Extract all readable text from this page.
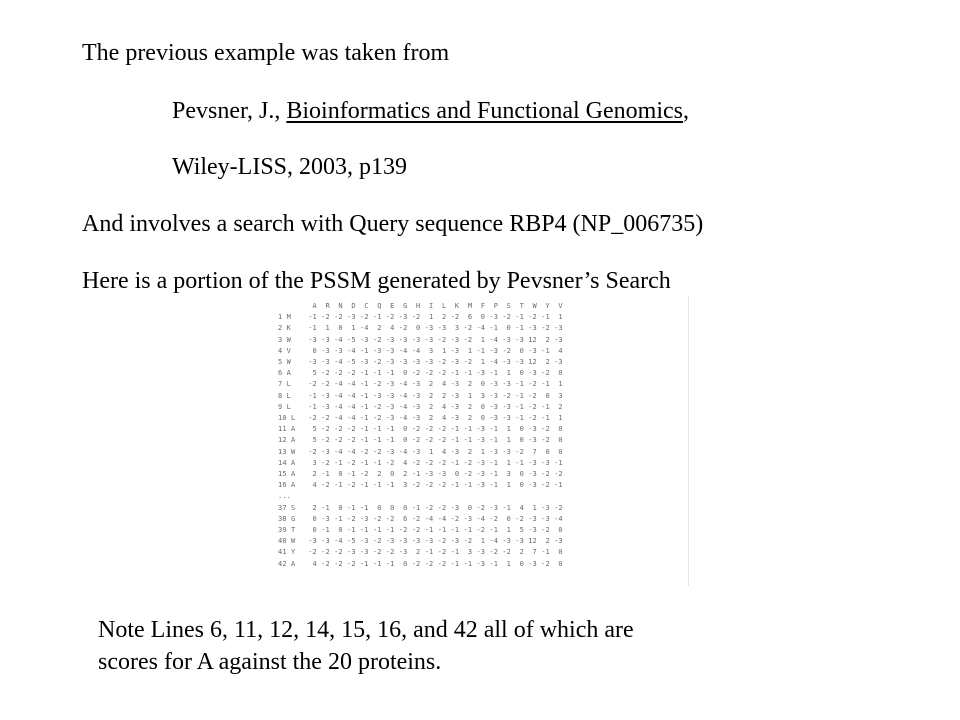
The previous example was taken from
Pevsner, J., Bioinformatics and Functional Genomics,
Wiley-LISS, 2003, p139
And involves a search with Query sequence RBP4 (NP_006735)
Here is a portion of the PSSM generated by Pevsner’s Search
A  R  N  D  C  Q  E  G  H  I  L  K  M  F  P  S  T  W  Y  V
1 M    -1 -2 -2 -3 -2 -1 -2 -3 -2  1  2 -2  6  0 -3 -2 -1 -2 -1  1
2 K    -1  1  0  1 -4  2  4 -2  0 -3 -3  3 -2 -4 -1  0 -1 -3 -2 -3
3 W    -3 -3 -4 -5 -3 -2 -3 -3 -3 -3 -2 -3 -2  1 -4 -3 -3 12  2 -3
4 V     0 -3 -3 -4 -1 -3 -3 -4 -4  3  1 -3  1 -1 -3 -2  0 -3 -1  4
5 W    -3 -3 -4 -5 -3 -2 -3 -3 -3 -3 -2 -3 -2  1 -4 -3 -3 12  2 -3
6 A     5 -2 -2 -2 -1 -1 -1  0 -2 -2 -2 -1 -1 -3 -1  1  0 -3 -2  0
7 L    -2 -2 -4 -4 -1 -2 -3 -4 -3  2  4 -3  2  0 -3 -3 -1 -2 -1  1
8 L    -1 -3 -4 -4 -1 -3 -3 -4 -3  2  2 -3  1  3 -3 -2 -1 -2  0  3
9 L    -1 -3 -4 -4 -1 -2 -3 -4 -3  2  4 -3  2  0 -3 -3 -1 -2 -1  2
10 L   -2 -2 -4 -4 -1 -2 -3 -4 -3  2  4 -3  2  0 -3 -3 -1 -2 -1  1
11 A    5 -2 -2 -2 -1 -1 -1  0 -2 -2 -2 -1 -1 -3 -1  1  0 -3 -2  0
12 A    5 -2 -2 -2 -1 -1 -1  0 -2 -2 -2 -1 -1 -3 -1  1  0 -3 -2  0
13 W   -2 -3 -4 -4 -2 -2 -3 -4 -3  1  4 -3  2  1 -3 -3 -2  7  0  0
14 A    3 -2 -1 -2 -1 -1 -2  4 -2 -2 -2 -1 -2 -3 -1  1 -1 -3 -3 -1
15 A    2 -1  0 -1 -2  2  0  2 -1 -3 -3  0 -2 -3 -1  3  0 -3 -2 -2
16 A    4 -2 -1 -2 -1 -1 -1  3 -2 -2 -2 -1 -1 -3 -1  1  0 -3 -2 -1
...
37 S    2 -1  0 -1 -1  0  0  0 -1 -2 -2 -3  0 -2 -3 -1  4  1 -3 -2
38 G    0 -3 -1 -2 -3 -2 -2  6 -2 -4 -4 -2 -3 -4 -2  0 -2 -3 -3 -4
39 T    0 -1  0 -1 -1 -1 -1 -2 -2 -1 -1 -1 -1 -2 -1  1  5 -3 -2  0
40 W   -3 -3 -4 -5 -3 -2 -3 -3 -3 -3 -2 -3 -2  1 -4 -3 -3 12  2 -3
41 Y   -2 -2 -2 -3 -3 -2 -2 -3  2 -1 -2 -1  3 -3 -2 -2  2  7 -1  0
42 A    4 -2 -2 -2 -1 -1 -1  0 -2 -2 -2 -1 -1 -3 -1  1  0 -3 -2  0
Note Lines 6, 11, 12, 14, 15, 16, and 42 all of which are
scores for A against the 20 proteins.
